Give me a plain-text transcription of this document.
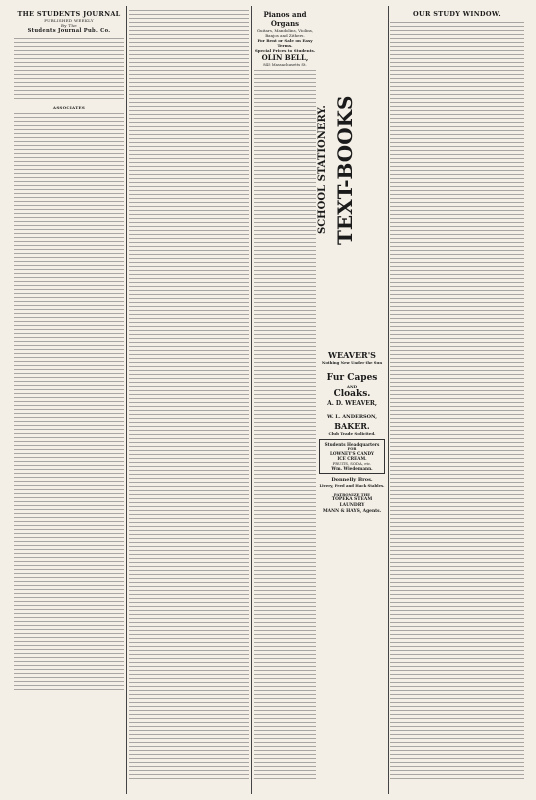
THE STUDENTS JOURNAL
PUBLISHED WEEKLY
By The
Students Journal Pub. Co.
ASSOCIATES
Pianos and Organs
Guitars, Mandolins, Violins, Banjos and Zithers.
For Rent or Sale on Easy Terms.
Special Prices to Students.
OLIN BELL,
845 Massachusetts St.
SCHOOL STATIONERY. TEXT-BOOKS
WEAVER'S
Nothing New Under the Sun
Fur Capes
AND
Cloaks.
A. D. WEAVER,
W. L. ANDERSON,
BAKER.
Club Trade Solicited.
Students Headquarters
FOR
LOWNEY'S CANDY
ICE CREAM.
FRUITS, SODA, etc.
Wm. Wiedemann.
Donnelly Bros.
Livery, Feed and Hack Stables.
PATRONIZE THE
TOPEKA STEAM LAUNDRY
MANN & HAYS, Agents.
OUR STUDY WINDOW.
